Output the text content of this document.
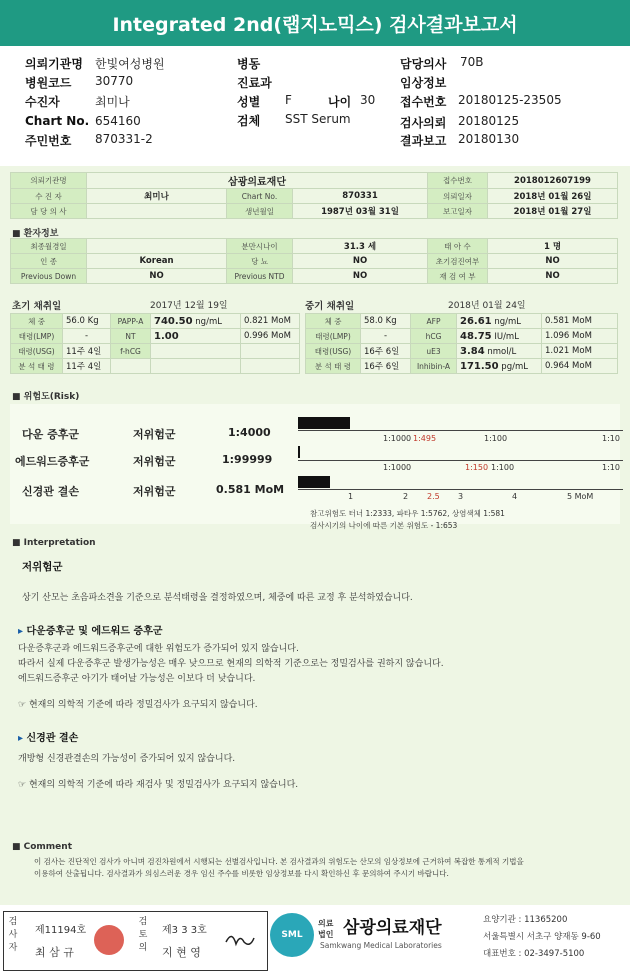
Integrated 2nd(랩지노믹스) 검사결과보고서
의뢰기관명 한빛여성병원
병원코드 30770
수진자	최미나
Chart No. 654160
주민번호 870331-2
병동
진료과
성별 F	나이 30
검체 SST Serum
담당의사 70B
임상정보
접수번호 20180125-23505
검사의뢰 20180125
결과보고 20180130
의뢰기관명	삼광의료재단			접수번호	2018012607199
수 진 자	최미나	Chart No.	870331	의뢰일자	2018년 01월 26일
담 당 의 사		생년월일	1987년 03월 31일	보고일자	2018년 01월 27일
■ 환자정보
최종월경일		분만시나이	31.3 세	태 아 수	1 명
인 종	Korean	당 뇨	NO	초기검진여부	NO
Previous Down	NO	Previous NTD	NO	재 검 여 부	NO
초기 채취일	2017년 12월 19일
체 중	56.0 Kg	PAPP-A	740.50 ng/mL	0.821 MoM
태령(LMP)	-	NT	1.00	0.996 MoM
태령(USG)	11주 4일	f-hCG		
분 석 태 령	11주 4일			
중기 채취일	2018년 01월 24일
체 중	58.0 Kg	AFP	26.61 ng/mL	0.581 MoM
태령(LMP)	-	hCG	48.75 IU/mL	1.096 MoM
태령(USG)	16주 6일	uE3	3.84 nmol/L	1.021 MoM
분 석 태 령	16주 6일	Inhibin-A	171.50 pg/mL	0.964 MoM
■ 위험도(Risk)
다운 증후군	저위험군	1:4000
에드워드증후군	저위험군	1:99999
신경관 결손	저위험군	0.581 MoM
1:1000 1:495	1:100	1:10
1:1000	1:150 1:100	1:10
1	2 2.5 3	4	5 MoM
참고위험도 터너 1:2333, 파타우 1:5762, 상염색체 1:581
검사시기의 나이에 따른 기본 위험도 - 1:653
■ Interpretation
저위험군
상기 산모는 초음파소견을 기준으로 분석태령을 결정하였으며, 체중에 따른 교정 후 분석하였습니다.
▸ 다운증후군 및 에드워드 증후군
다운증후군과 에드워드증후군에 대한 위험도가 증가되어 있지 않습니다.
따라서 실제 다운증후군 발생가능성은 매우 낮으므로 현재의 의학적 기준으로는 정밀검사를 권하지 않습니다.
에드워드증후군 아기가 태어날 가능성은 이보다 더 낮습니다.
☞ 현재의 의학적 기준에 따라 정밀검사가 요구되지 않습니다.
▸ 신경관 결손
개방형 신경관결손의 가능성이 증가되어 있지 않습니다.
☞ 현재의 의학적 기준에 따라 재검사 및 정밀검사가 요구되지 않습니다.
■ Comment
이 검사는 진단적인 검사가 아니며 검진차원에서 시행되는 선별검사입니다. 본 검사결과의 위험도는 산모의 임상정보에 근거하여 복잡한 통계적 기법을
이용하여 산출됩니다. 검사결과가 의심스러운 경우 임신 주수를 비롯한 임상정보를 다시 확인하신 후 문의하여 주시기 바랍니다.
검사자
제11194호
최 삼 규
검토의
제3 3 3호
지 현 영
SML
의료 법인 삼광의료재단
Samkwang Medical Laboratories
요양기관 : 11365200
서울특별시 서초구 양재동 9-60
대표번호 : 02-3497-5100
